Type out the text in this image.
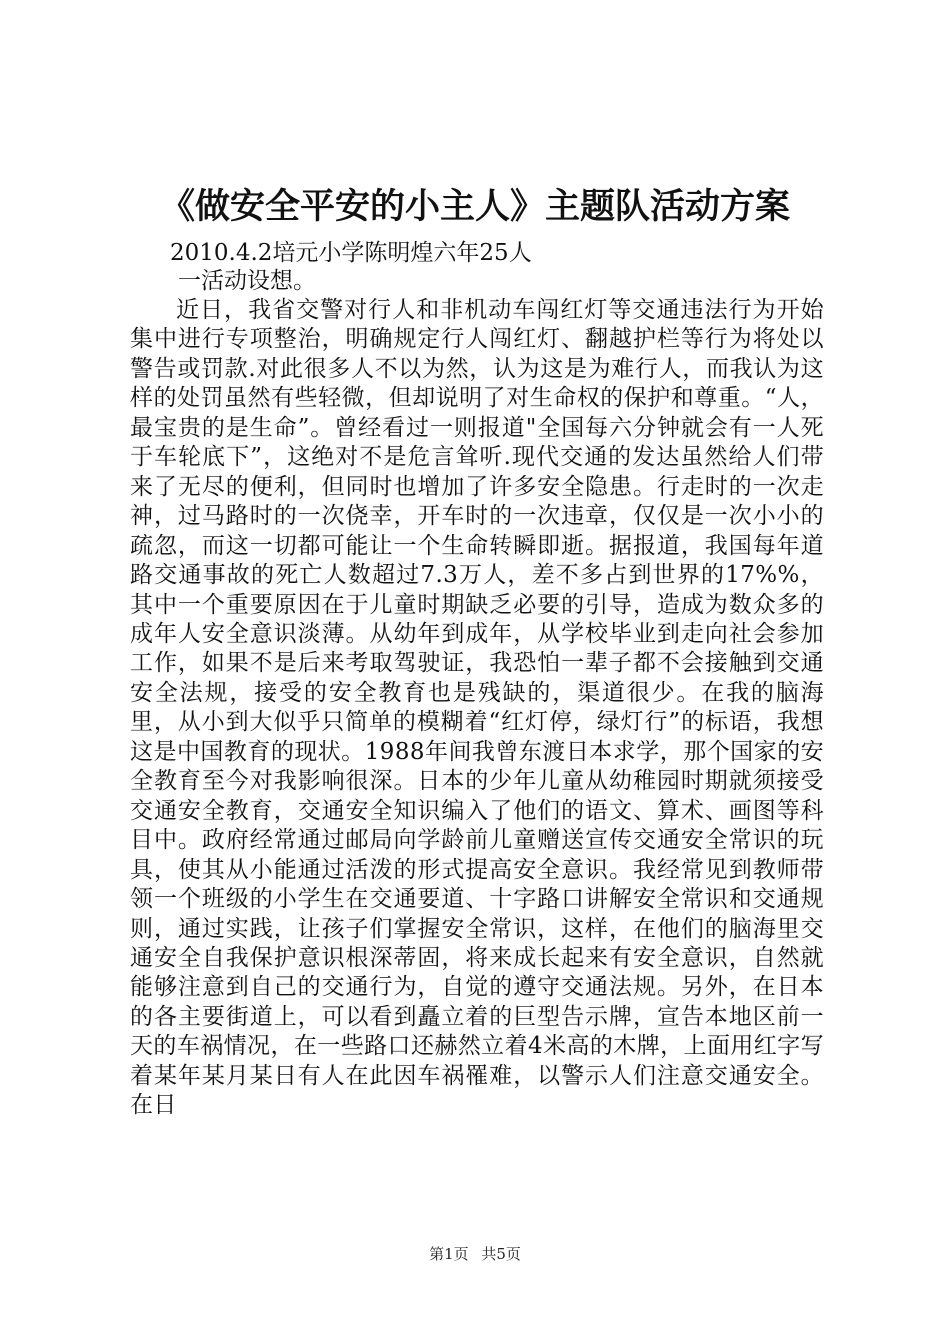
《做安全平安的小主人》主题队活动方案
2010.4.2培元小学陈明煌六年25人
一活动设想。

近日，我省交警对行人和非机动车闯红灯等交通违法行为开始集中进行专项整治，明确规定行人闯红灯、翻越护栏等行为将处以警告或罚款.对此很多人不以为然，认为这是为难行人，而我认为这样的处罚虽然有些轻微，但却说明了对生命权的保护和尊重。“人，最宝贵的是生命”。曾经看过一则报道"全国每六分钟就会有一人死于车轮底下”，这绝对不是危言耸听.现代交通的发达虽然给人们带来了无尽的便利，但同时也增加了许多安全隐患。行走时的一次走神，过马路时的一次侥幸，开车时的一次违章，仅仅是一次小小的疏忽，而这一切都可能让一个生命转瞬即逝。据报道，我国每年道路交通事故的死亡人数超过7.3万人，差不多占到世界的17%%，其中一个重要原因在于儿童时期缺乏必要的引导，造成为数众多的成年人安全意识淡薄。从幼年到成年，从学校毕业到走向社会参加工作，如果不是后来考取驾驶证，我恐怕一辈子都不会接触到交通安全法规，接受的安全教育也是残缺的，渠道很少。在我的脑海里，从小到大似乎只简单的模糊着“红灯停，绿灯行”的标语，我想这是中国教育的现状。1988年间我曾东渡日本求学，那个国家的安全教育至今对我影响很深。日本的少年儿童从幼稚园时期就须接受交通安全教育，交通安全知识编入了他们的语文、算术、画图等科目中。政府经常通过邮局向学龄前儿童赠送宣传交通安全常识的玩具，使其从小能通过活泼的形式提高安全意识。我经常见到教师带领一个班级的小学生在交通要道、十字路口讲解安全常识和交通规则，通过实践，让孩子们掌握安全常识，这样，在他们的脑海里交通安全自我保护意识根深蒂固，将来成长起来有安全意识，自然就能够注意到自己的交通行为，自觉的遵守交通法规。另外，在日本的各主要街道上，可以看到矗立着的巨型告示牌，宣告本地区前一天的车祸情况，在一些路口还赫然立着4米高的木牌，上面用红字写着某年某月某日有人在此因车祸罹难，以警示人们注意交通安全。在日

第1页 共5页
